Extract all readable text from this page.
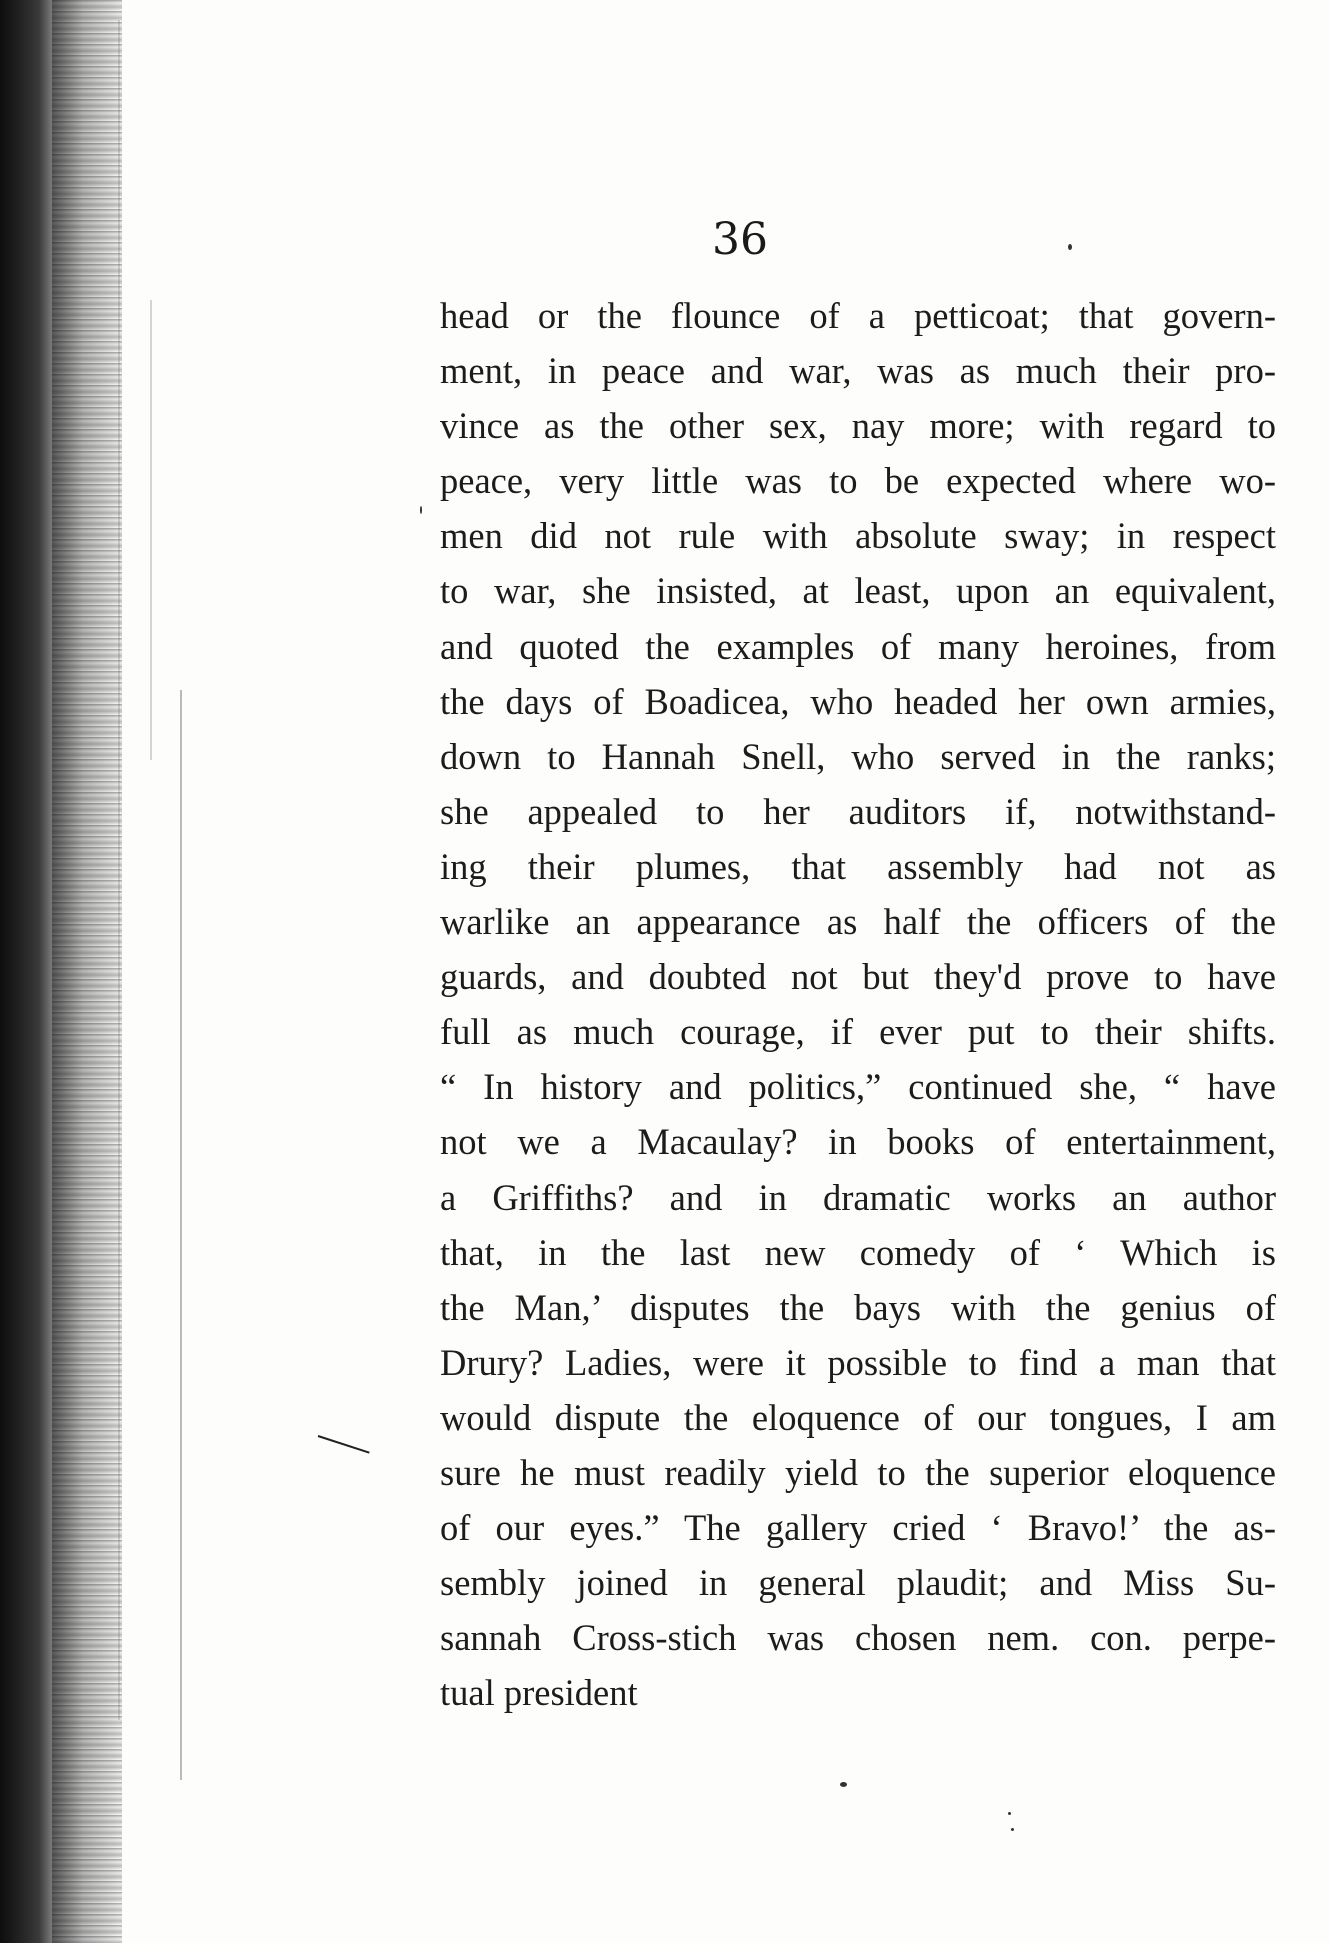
36
head or the flounce of a petticoat; that govern-
ment, in peace and war, was as much their pro-
vince as the other sex, nay more; with regard to
peace, very little was to be expected where wo-
men did not rule with absolute sway; in respect
to war, she insisted, at least, upon an equivalent,
and quoted the examples of many heroines, from
the days of Boadicea, who headed her own armies,
down to Hannah Snell, who served in the ranks;
she appealed to her auditors if, notwithstand-
ing their plumes, that assembly had not as
warlike an appearance as half the officers of the
guards, and doubted not but they'd prove to have
full as much courage, if ever put to their shifts.
“ In history and politics,” continued she, “ have
not we a Macaulay? in books of entertainment,
a Griffiths? and in dramatic works an author
that, in the last new comedy of ‘ Which is
the Man,’ disputes the bays with the genius of
Drury? Ladies, were it possible to find a man that
would dispute the eloquence of our tongues, I am
sure he must readily yield to the superior eloquence
of our eyes.” The gallery cried ‘ Bravo!’ the as-
sembly joined in general plaudit; and Miss Su-
sannah Cross-stich was chosen nem. con. perpe-
tual president
